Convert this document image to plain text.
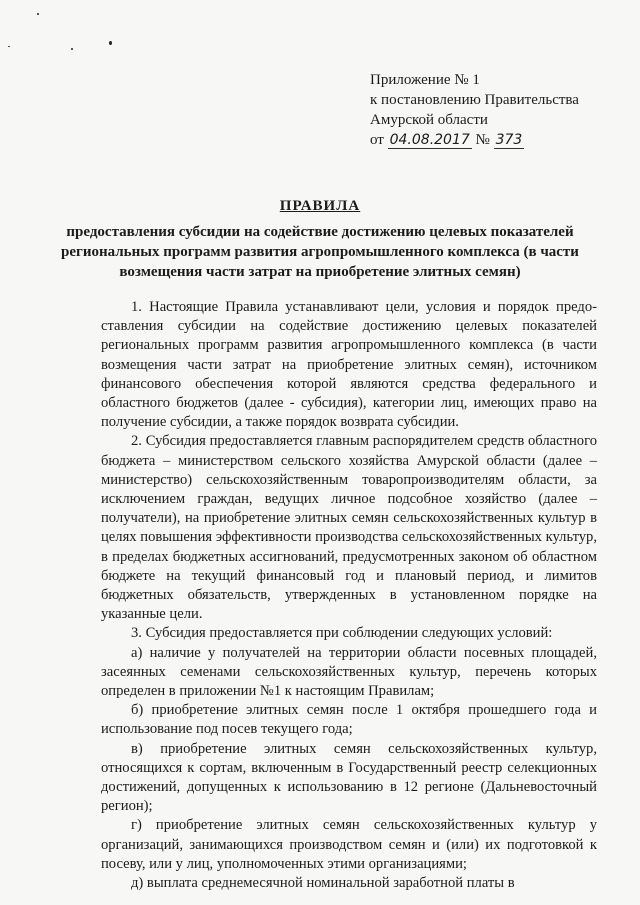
Приложение № 1
к постановлению Правительства
Амурской области
от 04.08.2017 № 373
ПРАВИЛА
предоставления субсидии на содействие достижению целевых показателей региональных программ развития агропромышленного комплекса (в части возмещения части затрат на приобретение элитных семян)

1. Настоящие Правила устанавливают цели, условия и порядок предо-ставления субсидии на содействие достижению целевых показателей региональных программ развития агропромышленного комплекса (в части возмещения части затрат на приобретение элитных семян), источником финансового обеспечения которой являются средства федерального и областного бюджетов (далее - субсидия), категории лиц, имеющих право на получение субсидии, а также порядок возврата субсидии.

2. Субсидия предоставляется главным распорядителем средств областного бюджета – министерством сельского хозяйства Амурской области (далее – министерство) сельскохозяйственным товаропроизводителям области, за исключением граждан, ведущих личное подсобное хозяйство (далее – получатели), на приобретение элитных семян сельскохозяйственных культур в целях повышения эффективности производства сельскохозяйственных культур, в пределах бюджетных ассигнований, предусмотренных законом об областном бюджете на текущий финансовый год и плановый период, и лимитов бюджетных обязательств, утвержденных в установленном порядке на указанные цели.

3. Субсидия предоставляется при соблюдении следующих условий:

а) наличие у получателей на территории области посевных площадей, засеянных семенами сельскохозяйственных культур, перечень которых определен в приложении №1 к настоящим Правилам;

б) приобретение элитных семян после 1 октября прошедшего года и использование под посев текущего года;

в) приобретение элитных семян сельскохозяйственных культур, относящихся к сортам, включенным в Государственный реестр селекционных достижений, допущенных к использованию в 12 регионе (Дальневосточный регион);

г) приобретение элитных семян сельскохозяйственных культур у организаций, занимающихся производством семян и (или) их подготовкой к посеву, или у лиц, уполномоченных этими организациями;

д) выплата среднемесячной номинальной заработной платы в
